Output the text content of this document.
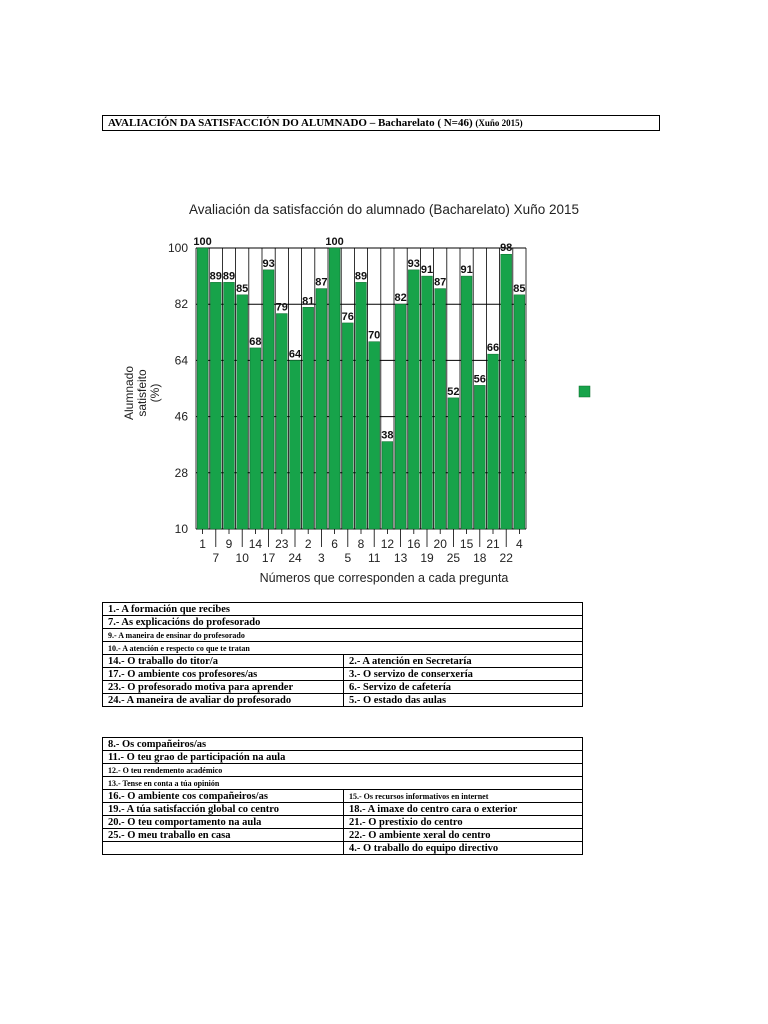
AVALIACIÓN DA SATISFACCIÓN DO ALUMNADO – Bacharelato ( N=46) (Xuño 2015)
Avaliación da satisfacción do alumnado (Bacharelato) Xuño 2015
Alumnado satisfeito (%)
Números que corresponden a cada pregunta
100
89 89
85
68
93
79
64
81
87
100
76
89
70
38
82
93
91
87
52
91
56
66
98
85
1
7
9
10
14
17
23
24
2
3
6
5
8
11
12
13
16
19
20
25
15
18
21
22
4
10
28
46
64
82
100
1.- A formación que recibes	
7.- As explicacións do profesorado	
9.- A maneira de ensinar do profesorado	
10.- A atención e respecto co que te tratan	
14.- O traballo do titor/a	2.- A atención en Secretaría
17.- O ambiente cos profesores/as	3.- O servizo de conserxería
23.- O profesorado motiva para aprender	6.- Servizo de cafetería
24.- A maneira de avaliar do profesorado	5.- O estado das aulas
8.- Os compañeiros/as	
11.- O teu grao de participación na aula	
12.- O teu rendemento académico	
13.- Tense en conta a túa opinión	
16.- O ambiente cos compañeiros/as	15.- Os recursos informativos en internet
19.- A túa satisfacción global co centro	18.- A imaxe do centro cara o exterior
20.- O teu comportamento na aula	21.- O prestixio do centro
25.- O meu traballo en casa	22.- O ambiente xeral do centro
	4.- O traballo do equipo directivo
